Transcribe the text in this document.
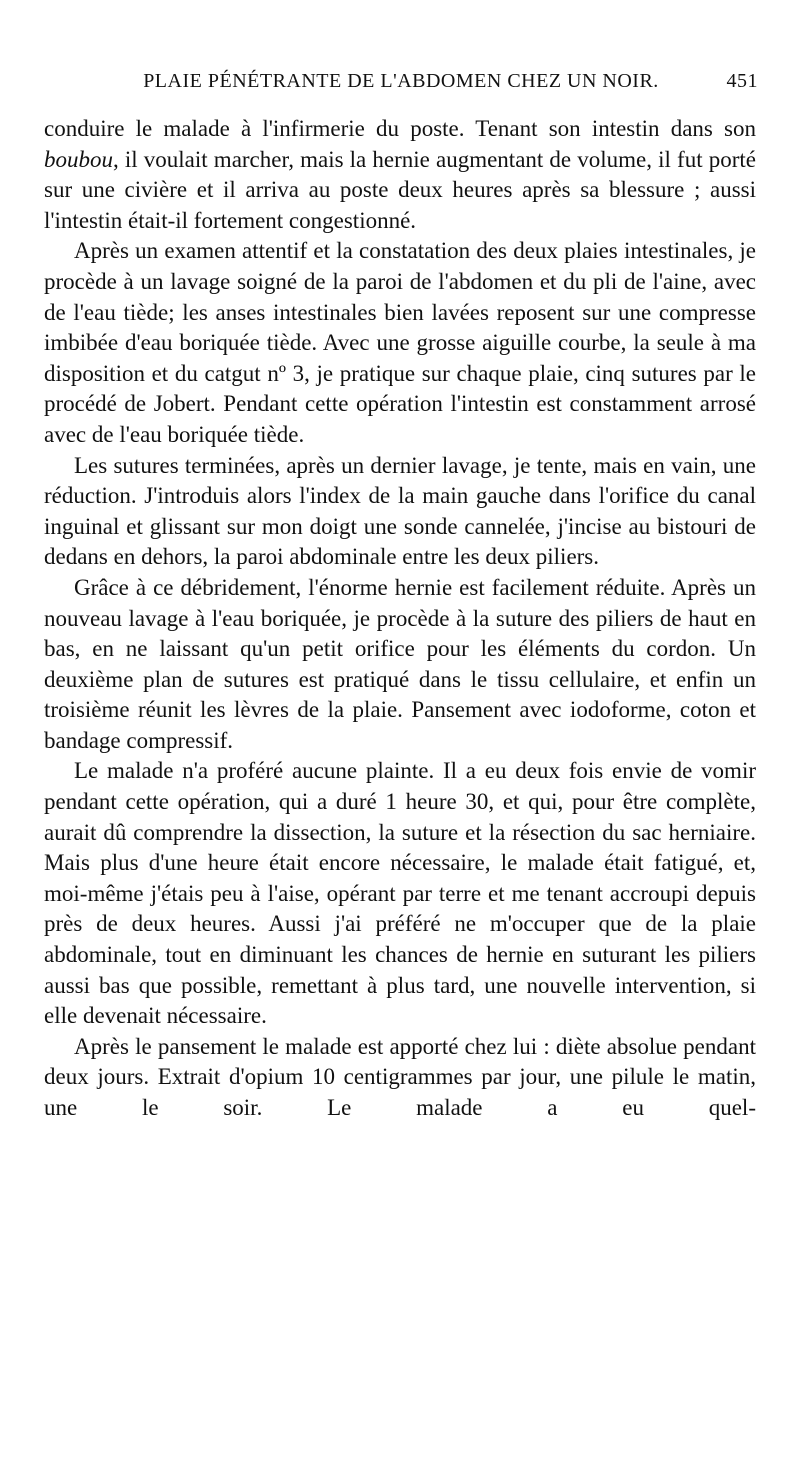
PLAIE PÉNÉTRANTE DE L'ABDOMEN CHEZ UN NOIR.	451

conduire le malade à l'infirmerie du poste. Tenant son intestin dans son boubou, il voulait marcher, mais la hernie augmentant de volume, il fut porté sur une civière et il arriva au poste deux heures après sa blessure ; aussi l'intestin était-il fortement congestionné.

Après un examen attentif et la constatation des deux plaies intestinales, je procède à un lavage soigné de la paroi de l'abdomen et du pli de l'aine, avec de l'eau tiède; les anses intestinales bien lavées reposent sur une compresse imbibée d'eau boriquée tiède. Avec une grosse aiguille courbe, la seule à ma disposition et du catgut nº 3, je pratique sur chaque plaie, cinq sutures par le procédé de Jobert. Pendant cette opération l'intestin est constamment arrosé avec de l'eau boriquée tiède.

Les sutures terminées, après un dernier lavage, je tente, mais en vain, une réduction. J'introduis alors l'index de la main gauche dans l'orifice du canal inguinal et glissant sur mon doigt une sonde cannelée, j'incise au bistouri de dedans en dehors, la paroi abdominale entre les deux piliers.

Grâce à ce débridement, l'énorme hernie est facilement réduite. Après un nouveau lavage à l'eau boriquée, je procède à la suture des piliers de haut en bas, en ne laissant qu'un petit orifice pour les éléments du cordon. Un deuxième plan de sutures est pratiqué dans le tissu cellulaire, et enfin un troisième réunit les lèvres de la plaie. Pansement avec iodoforme, coton et bandage compressif.

Le malade n'a proféré aucune plainte. Il a eu deux fois envie de vomir pendant cette opération, qui a duré 1 heure 30, et qui, pour être complète, aurait dû comprendre la dissection, la suture et la résection du sac herniaire. Mais plus d'une heure était encore nécessaire, le malade était fatigué, et, moi-même j'étais peu à l'aise, opérant par terre et me tenant accroupi depuis près de deux heures. Aussi j'ai préféré ne m'occuper que de la plaie abdominale, tout en diminuant les chances de hernie en suturant les piliers aussi bas que possible, remettant à plus tard, une nouvelle intervention, si elle devenait nécessaire.

Après le pansement le malade est apporté chez lui : diète absolue pendant deux jours. Extrait d'opium 10 centigrammes par jour, une pilule le matin, une le soir. Le malade a eu quel-
